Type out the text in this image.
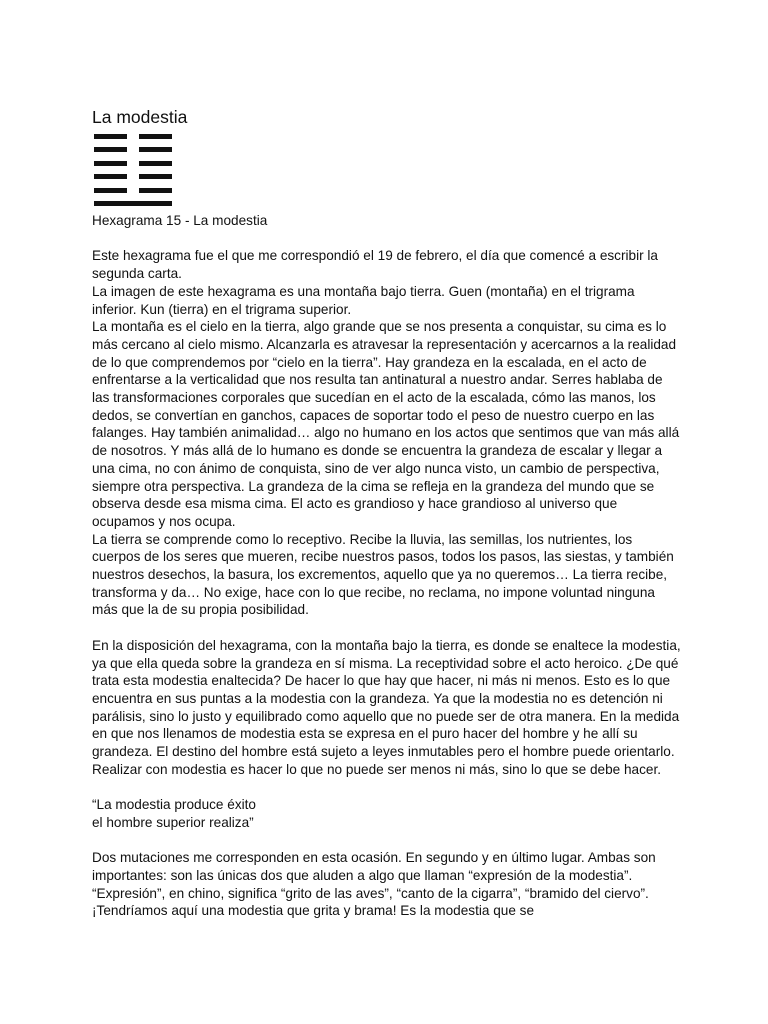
La modestia

Hexagrama 15 - La modestia

Este hexagrama fue el que me correspondió el 19 de febrero, el día que comencé a escribir la segunda carta.

La imagen de este hexagrama es una montaña bajo tierra. Guen (montaña) en el trigrama inferior. Kun (tierra) en el trigrama superior.

La montaña es el cielo en la tierra, algo grande que se nos presenta a conquistar, su cima es lo más cercano al cielo mismo. Alcanzarla es atravesar la representación y acercarnos a la realidad de lo que comprendemos por “cielo en la tierra”. Hay grandeza en la escalada, en el acto de enfrentarse a la verticalidad que nos resulta tan antinatural a nuestro andar. Serres hablaba de las transformaciones corporales que sucedían en el acto de la escalada, cómo las manos, los dedos, se convertían en ganchos, capaces de soportar todo el peso de nuestro cuerpo en las falanges. Hay también animalidad… algo no humano en los actos que sentimos que van más allá de nosotros. Y más allá de lo humano es donde se encuentra la grandeza de escalar y llegar a una cima, no con ánimo de conquista, sino de ver algo nunca visto, un cambio de perspectiva, siempre otra perspectiva. La grandeza de la cima se refleja en la grandeza del mundo que se observa desde esa misma cima. El acto es grandioso y hace grandioso al universo que ocupamos y nos ocupa.

La tierra se comprende como lo receptivo. Recibe la lluvia, las semillas, los nutrientes, los cuerpos de los seres que mueren, recibe nuestros pasos, todos los pasos, las siestas, y también nuestros desechos, la basura, los excrementos, aquello que ya no queremos… La tierra recibe, transforma y da… No exige, hace con lo que recibe, no reclama, no impone voluntad ninguna más que la de su propia posibilidad.

En la disposición del hexagrama, con la montaña bajo la tierra, es donde se enaltece la modestia, ya que ella queda sobre la grandeza en sí misma. La receptividad sobre el acto heroico. ¿De qué trata esta modestia enaltecida? De hacer lo que hay que hacer, ni más ni menos. Esto es lo que encuentra en sus puntas a la modestia con la grandeza. Ya que la modestia no es detención ni parálisis, sino lo justo y equilibrado como aquello que no puede ser de otra manera. En la medida en que nos llenamos de modestia esta se expresa en el puro hacer del hombre y he allí su grandeza. El destino del hombre está sujeto a leyes inmutables pero el hombre puede orientarlo. Realizar con modestia es hacer lo que no puede ser menos ni más, sino lo que se debe hacer.

“La modestia produce éxito

el hombre superior realiza”

Dos mutaciones me corresponden en esta ocasión. En segundo y en último lugar. Ambas son importantes: son las únicas dos que aluden a algo que llaman “expresión de la modestia”. “Expresión”, en chino, significa “grito de las aves”, “canto de la cigarra”, “bramido del ciervo”. ¡Tendríamos aquí una modestia que grita y brama! Es la modestia que se
